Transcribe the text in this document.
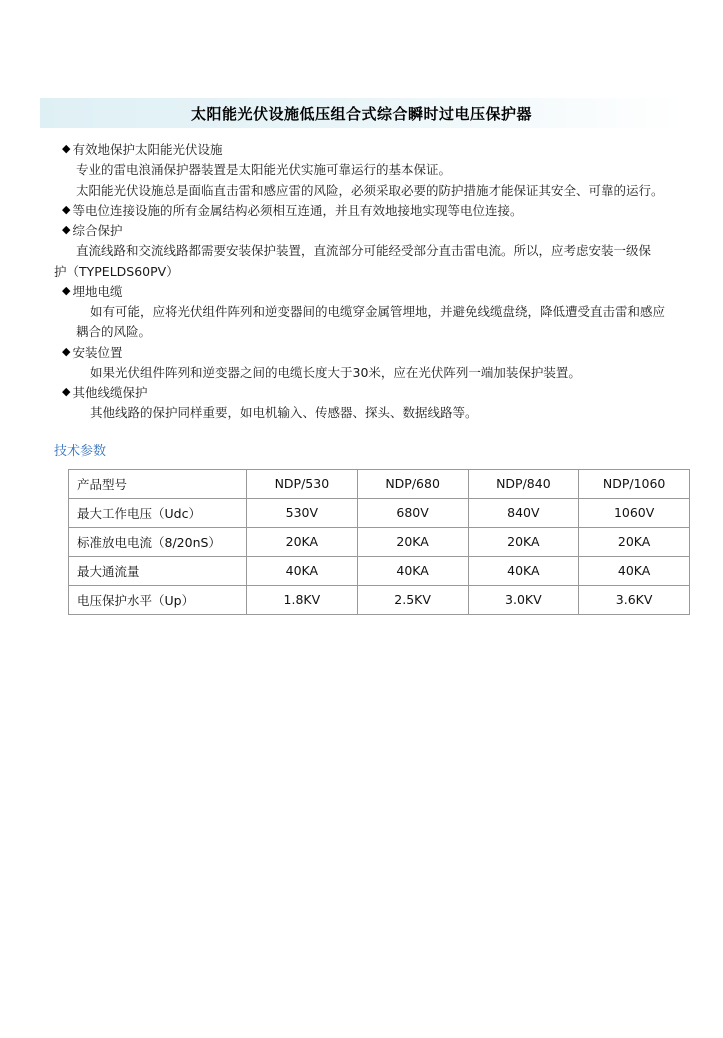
太阳能光伏设施低压组合式综合瞬时过电压保护器
◆ 有效地保护太阳能光伏设施
专业的雷电浪涌保护器装置是太阳能光伏实施可靠运行的基本保证。
太阳能光伏设施总是面临直击雷和感应雷的风险，必须采取必要的防护措施才能保证其安全、可靠的运行。
◆ 等电位连接设施的所有金属结构必须相互连通，并且有效地接地实现等电位连接。
◆ 综合保护
直流线路和交流线路都需要安装保护装置，直流部分可能经受部分直击雷电流。所以，应考虑安装一级保
护（TYPELDS60PV）
◆ 埋地电缆
如有可能，应将光伏组件阵列和逆变器间的电缆穿金属管埋地，并避免线缆盘绕，降低遭受直击雷和感应
耦合的风险。
◆ 安装位置
如果光伏组件阵列和逆变器之间的电缆长度大于30米，应在光伏阵列一端加装保护装置。
◆ 其他线缆保护
其他线路的保护同样重要，如电机输入、传感器、探头、数据线路等。
技术参数
产品型号	NDP/530	NDP/680	NDP/840	NDP/1060
最大工作电压（Udc）	530V	680V	840V	1060V
标准放电电流（8/20nS）	20KA	20KA	20KA	20KA
最大通流量	40KA	40KA	40KA	40KA
电压保护水平（Up）	1.8KV	2.5KV	3.0KV	3.6KV
